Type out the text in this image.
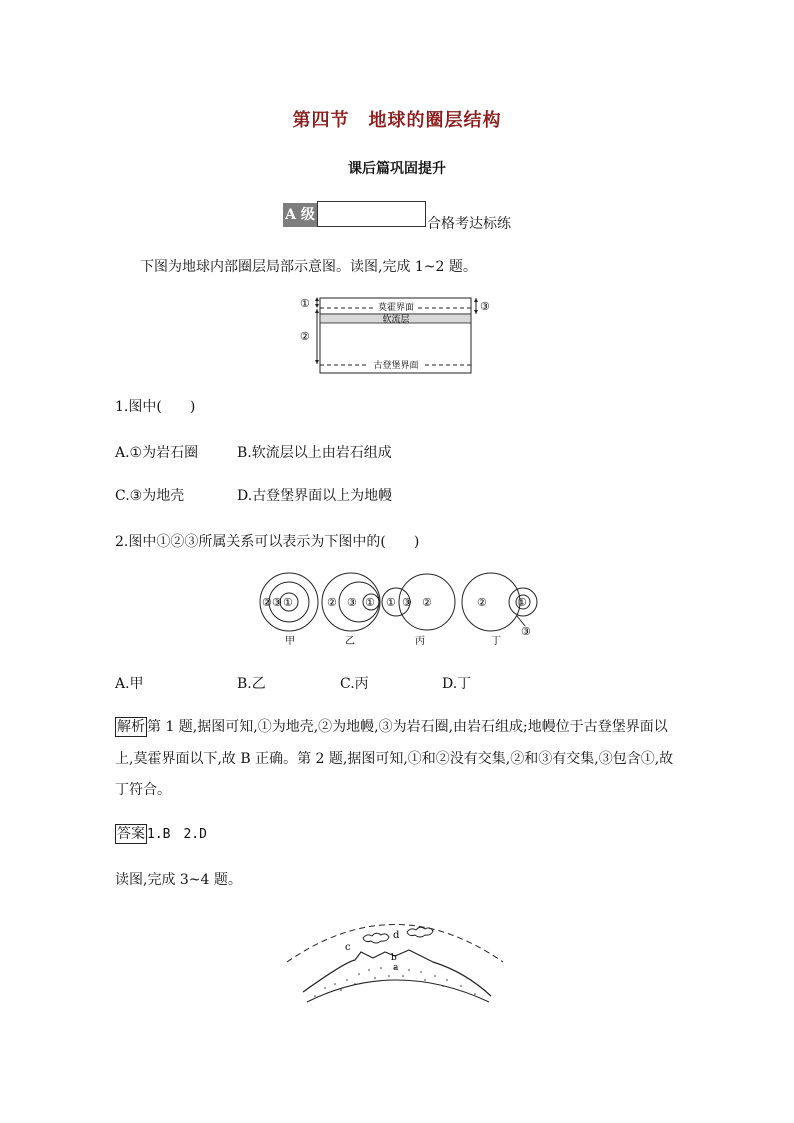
第四节　地球的圈层结构
课后篇巩固提升
A 级
合格考达标练
下图为地球内部圈层局部示意图。读图,完成 1~2 题。
①
②
③
莫霍界面
软流层
古登堡界面
1.图中(　　)
A.①为岩石圈	B.软流层以上由岩石组成
C.③为地壳	D.古登堡界面以上为地幔
2.图中①②③所属关系可以表示为下图中的(　　)
② ③ ①
甲
② ③ ①
乙
① ③ ②
丙
②	①
③
丁
A.甲	B.乙	C.丙	D.丁
解析 第 1 题,据图可知,①为地壳,②为地幔,③为岩石圈,由岩石组成;地幔位于古登堡界面以
上,莫霍界面以下,故 B 正确。第 2 题,据图可知,①和②没有交集,②和③有交集,③包含①,故
丁符合。
答案 1.B　2.D
读图,完成 3~4 题。
c
d
b
a
